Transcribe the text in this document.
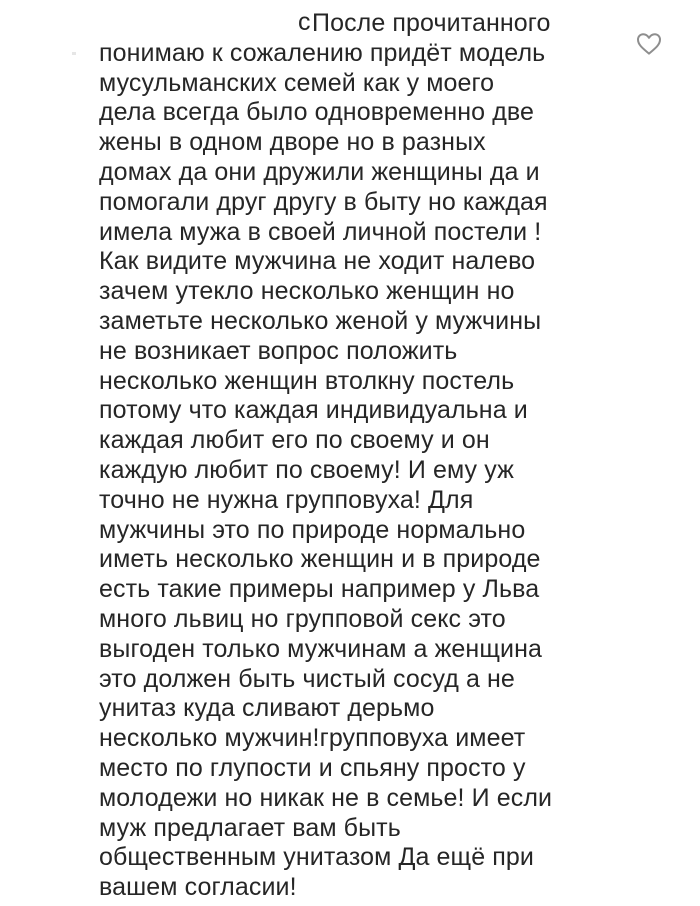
сПосле прочитанного
понимаю к сожалению придёт модель
мусульманских семей как у моего
дела всегда было одновременно две
жены в одном дворе но в разных
домах да они дружили женщины да и
помогали друг другу в быту но каждая
имела мужа в своей личной постели !
Как видите мужчина не ходит налево
зачем утекло несколько женщин но
заметьте несколько женой у мужчины
не возникает вопрос положить
несколько женщин втолкну постель
потому что каждая индивидуальна и
каждая любит его по своему и он
каждую любит по своему! И ему уж
точно не нужна групповуха! Для
мужчины это по природе нормально
иметь несколько женщин и в природе
есть такие примеры например у Льва
много львиц но групповой секс это
выгоден только мужчинам а женщина
это должен быть чистый сосуд а не
унитаз куда сливают дерьмо
несколько мужчин!групповуха имеет
место по глупости и спьяну просто у
молодежи но никак не в семье! И если
муж предлагает вам быть
общественным унитазом Да ещё при
вашем согласии!
